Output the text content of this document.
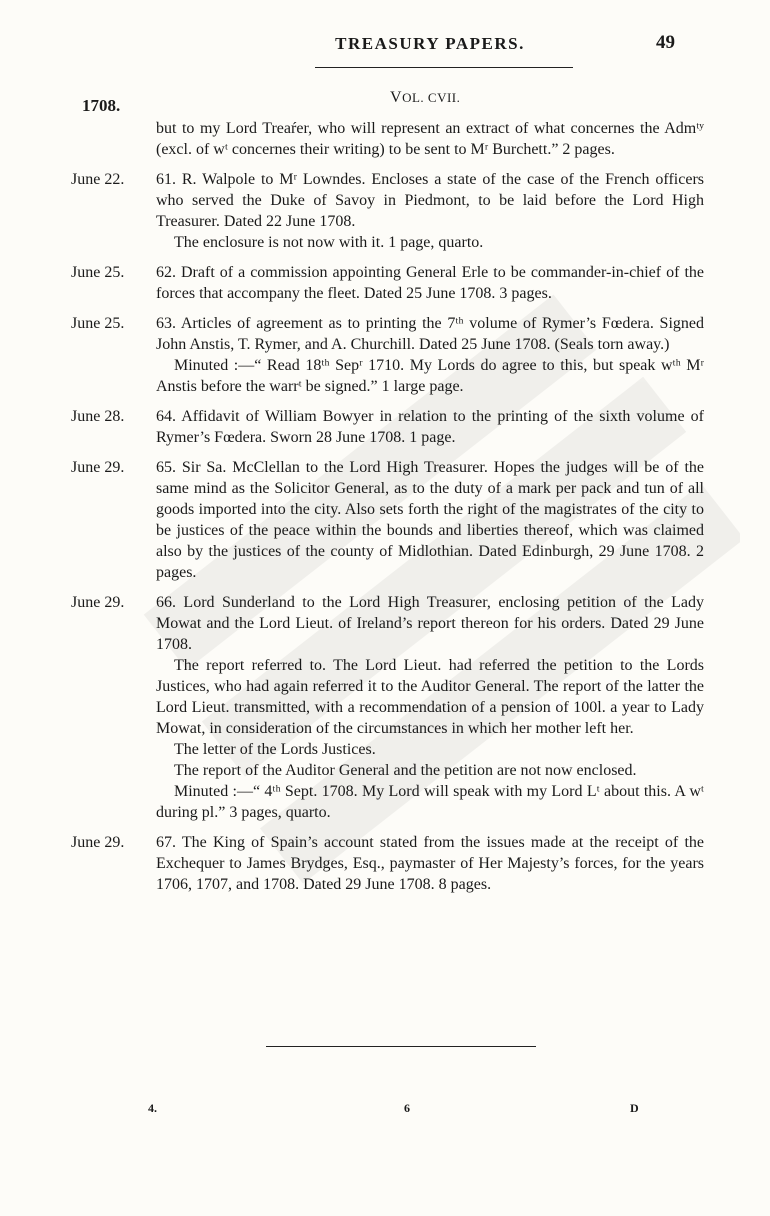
TREASURY PAPERS.	49
1708.	VOL. CVII.

but to my Lord Treaŕer, who will represent an extract of what concernes the Admᵗʸ (excl. of wᵗ concernes their writing) to be sent to Mʳ Burchett.” 2 pages.

June 22.	61. R. Walpole to Mʳ Lowndes. Encloses a state of the case of the French officers who served the Duke of Savoy in Piedmont, to be laid before the Lord High Treasurer. Dated 22 June 1708.

The enclosure is not now with it. 1 page, quarto.

June 25.	62. Draft of a commission appointing General Erle to be commander-in-chief of the forces that accompany the fleet. Dated 25 June 1708. 3 pages.

June 25.	63. Articles of agreement as to printing the 7ᵗʰ volume of Rymer’s Fœdera. Signed John Anstis, T. Rymer, and A. Churchill. Dated 25 June 1708. (Seals torn away.)

Minuted :—“ Read 18ᵗʰ Sepʳ 1710. My Lords do agree to this, but speak wᵗʰ Mʳ Anstis before the warrᵗ be signed.” 1 large page.

June 28.	64. Affidavit of William Bowyer in relation to the printing of the sixth volume of Rymer’s Fœdera. Sworn 28 June 1708. 1 page.

June 29.	65. Sir Sa. McClellan to the Lord High Treasurer. Hopes the judges will be of the same mind as the Solicitor General, as to the duty of a mark per pack and tun of all goods imported into the city. Also sets forth the right of the magistrates of the city to be justices of the peace within the bounds and liberties thereof, which was claimed also by the justices of the county of Midlothian. Dated Edinburgh, 29 June 1708. 2 pages.

June 29.	66. Lord Sunderland to the Lord High Treasurer, enclosing petition of the Lady Mowat and the Lord Lieut. of Ireland’s report thereon for his orders. Dated 29 June 1708.

The report referred to. The Lord Lieut. had referred the petition to the Lords Justices, who had again referred it to the Auditor General. The report of the latter the Lord Lieut. transmitted, with a recommendation of a pension of 100l. a year to Lady Mowat, in consideration of the circumstances in which her mother left her.

The letter of the Lords Justices.

The report of the Auditor General and the petition are not now enclosed.

Minuted :—“ 4ᵗʰ Sept. 1708. My Lord will speak with my Lord Lᵗ about this. A wᵗ during pl.” 3 pages, quarto.

June 29.	67. The King of Spain’s account stated from the issues made at the receipt of the Exchequer to James Brydges, Esq., paymaster of Her Majesty’s forces, for the years 1706, 1707, and 1708. Dated 29 June 1708. 8 pages.

4.	6	D
